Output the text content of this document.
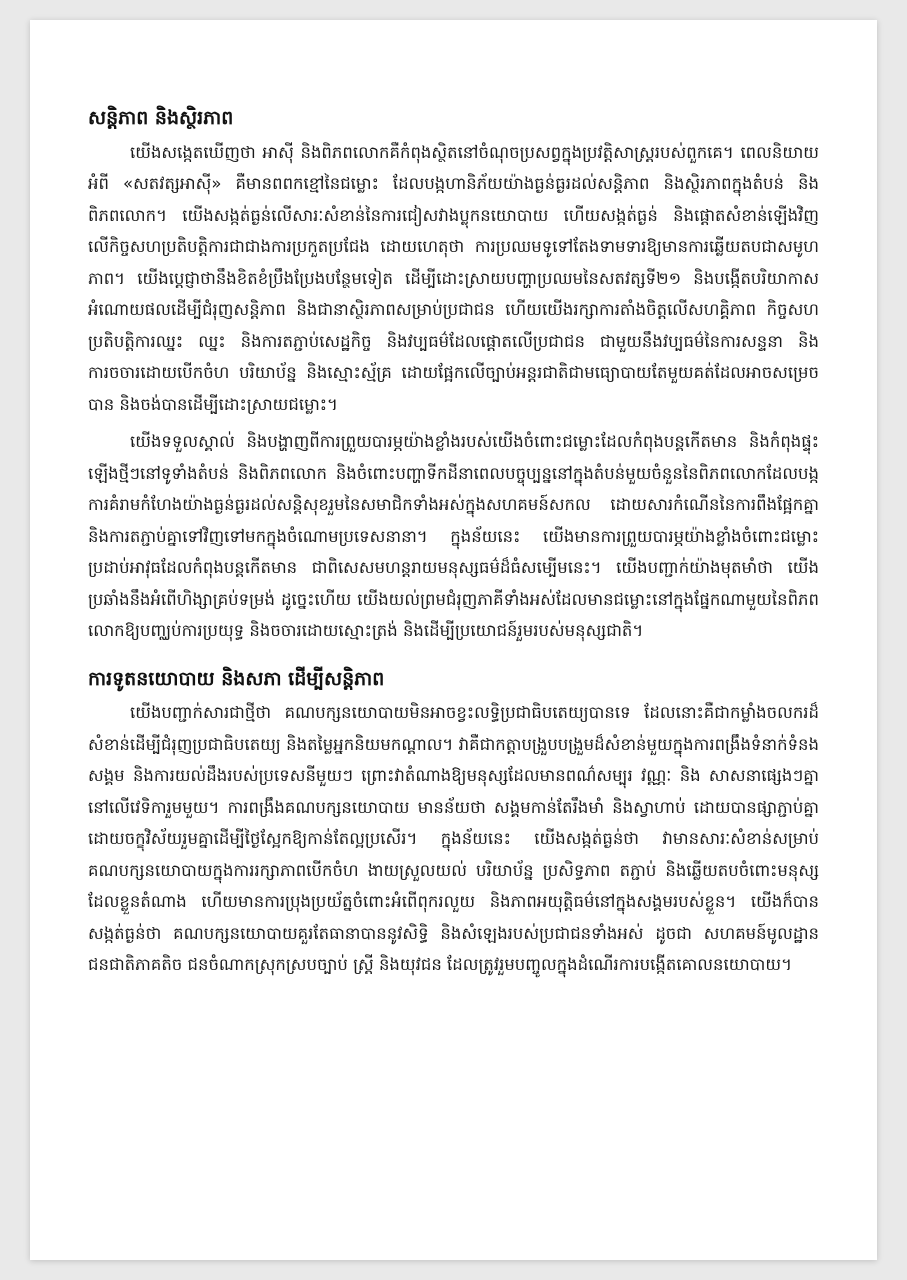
សន្តិភាព និងស្ថិរភាព

យើងសង្កេតឃើញថា អាស៊ី និងពិភពលោកគឺកំពុងស្ថិតនៅចំណុចប្រសព្វក្នុងប្រវត្តិសាស្ត្ររបស់ពួកគេ។ ពេលនិយាយអំពី «សតវត្សអាស៊ី» គឺមានពពកខ្មៅនៃជម្លោះ ដែលបង្កហានិភ័យយ៉ាងធ្ងន់ធ្ងរដល់សន្តិភាព និងស្ថិរភាពក្នុងតំបន់ និងពិភពលោក។ យើងសង្កត់ធ្ងន់លើសារៈសំខាន់នៃការជៀសវាងប្លុកនយោបាយ ហើយសង្កត់ធ្ងន់ និងផ្តោតសំខាន់ឡើងវិញលើកិច្ចសហប្រតិបត្តិការជាជាងការប្រកួតប្រជែង ដោយហេតុថា ការប្រឈមទូទៅតែងទាមទារឱ្យមានការឆ្លើយតបជាសមូហភាព។ យើងប្តេជ្ញាថានឹងខិតខំប្រឹងប្រែងបន្ថែមទៀត ដើម្បីដោះស្រាយបញ្ហាប្រឈមនៃសតវត្សទី២១ និងបង្កើតបរិយាកាសអំណោយផលដើម្បីជំរុញសន្តិភាព និងជានាស្ថិរភាពសម្រាប់ប្រជាជន ហើយយើងរក្សាការតាំងចិត្តលើសហគ្គិភាព កិច្ចសហប្រតិបត្តិការឈ្នះ ឈ្នះ និងការតភ្ជាប់សេដ្ឋកិច្ច និងវប្បធម៌ដែលផ្តោតលើប្រជាជន ជាមួយនឹងវប្បធម៌នៃការសន្ទនា និងការចចារដោយបើកចំហ បរិយាប័ន្ន និងស្មោះស្ម័គ្រ ដោយផ្អែកលើច្បាប់អន្តរជាតិជាមធ្យោបាយតែមួយគត់ដែលអាចសម្រេចបាន និងចង់បានដើម្បីដោះស្រាយជម្លោះ។

យើងទទួលស្គាល់ និងបង្ហាញពីការព្រួយបារម្ភយ៉ាងខ្លាំងរបស់យើងចំពោះជម្លោះដែលកំពុងបន្តកើតមាន និងកំពុងផ្ទុះឡើងថ្មីៗនៅទូទាំងតំបន់ និងពិភពលោក និងចំពោះបញ្ហាទីកដីនាពេលបច្ចុប្បន្ននៅក្នុងតំបន់មួយចំនួននៃពិភពលោកដែលបង្កការគំរាមកំហែងយ៉ាងធ្ងន់ធ្ងរដល់សន្តិសុខរួមនៃសមាជិកទាំងអស់ក្នុងសហគមន៍សកល ដោយសារកំណើននៃការពឹងផ្អែកគ្នា និងការតភ្ជាប់គ្នាទៅវិញទៅមកក្នុងចំណោមប្រទេសនានា។ ក្នុងន័យនេះ យើងមានការព្រួយបារម្ភយ៉ាងខ្លាំងចំពោះជម្លោះប្រដាប់អាវុធដែលកំពុងបន្តកើតមាន ជាពិសេសមហន្តរាយមនុស្សធម៌ដ៏ធំសម្បើមនេះ។ យើងបញ្ជាក់យ៉ាងមុតមាំថា យើងប្រឆាំងនឹងអំពើហិង្សាគ្រប់ទម្រង់ ដូច្នេះហើយ យើងយល់ព្រមជំរុញភាគីទាំងអស់ដែលមានជម្លោះនៅក្នុងផ្នែកណាមួយនៃពិភពលោកឱ្យបញ្ឈប់ការប្រយុទ្ធ និងចចារដោយស្មោះត្រង់ និងដើម្បីប្រយោជន៍រួមរបស់មនុស្សជាតិ។

ការទូតនយោបាយ និងសភា ដើម្បីសន្តិភាព

យើងបញ្ជាក់សារជាថ្មីថា គណបក្សនយោបាយមិនអាចខ្វះលទ្ធិប្រជាធិបតេយ្យបានទេ ដែលនោះគឺជាកម្លាំងចលករដ៏សំខាន់ដើម្បីជំរុញប្រជាធិបតេយ្យ និងតម្លៃអ្នកនិយមកណ្តាល។ វាគឺជាកត្តាបង្រួបបង្រួមដ៏សំខាន់មួយក្នុងការពង្រឹងទំនាក់ទំនងសង្គម និងការយល់ដឹងរបស់ប្រទេសនីមួយៗ ព្រោះវាតំណាងឱ្យមនុស្សដែលមានពណ៌សម្បុរ វណ្ណៈ និង សាសនាផ្សេងៗគ្នានៅលើវេទិការួមមួយ។ ការពង្រឹងគណបក្សនយោបាយ មានន័យថា សង្គមកាន់តែរឹងមាំ និងស្វាហាប់ ដោយបានផ្សាភ្ជាប់គ្នាដោយចក្ខុវិស័យរួមគ្នាដើម្បីថ្ងៃស្អែកឱ្យកាន់តែល្អប្រសើរ។ ក្នុងន័យនេះ យើងសង្កត់ធ្ងន់ថា វាមានសារៈសំខាន់សម្រាប់គណបក្សនយោបាយក្នុងការរក្សាភាពបើកចំហ ងាយស្រួលយល់ បរិយាប័ន្ន ប្រសិទ្ធភាព តភ្ជាប់ និងឆ្លើយតបចំពោះមនុស្សដែលខ្លួនតំណាង ហើយមានការប្រុងប្រយ័ត្នចំពោះអំពើពុករលួយ និងភាពអយុត្តិធម៌នៅក្នុងសង្គមរបស់ខ្លួន។ យើងក៏បានសង្កត់ធ្ងន់ថា គណបក្សនយោបាយគួរតែធានាបាននូវសិទ្ធិ និងសំឡេងរបស់ប្រជាជនទាំងអស់ ដូចជា សហគមន៍មូលដ្ឋាន ជនជាតិភាគតិច ជនចំណាកស្រុកស្របច្បាប់ ស្ត្រី និងយុវជន ដែលត្រូវរួមបញ្ចូលក្នុងដំណើរការបង្កើតគោលនយោបាយ។
